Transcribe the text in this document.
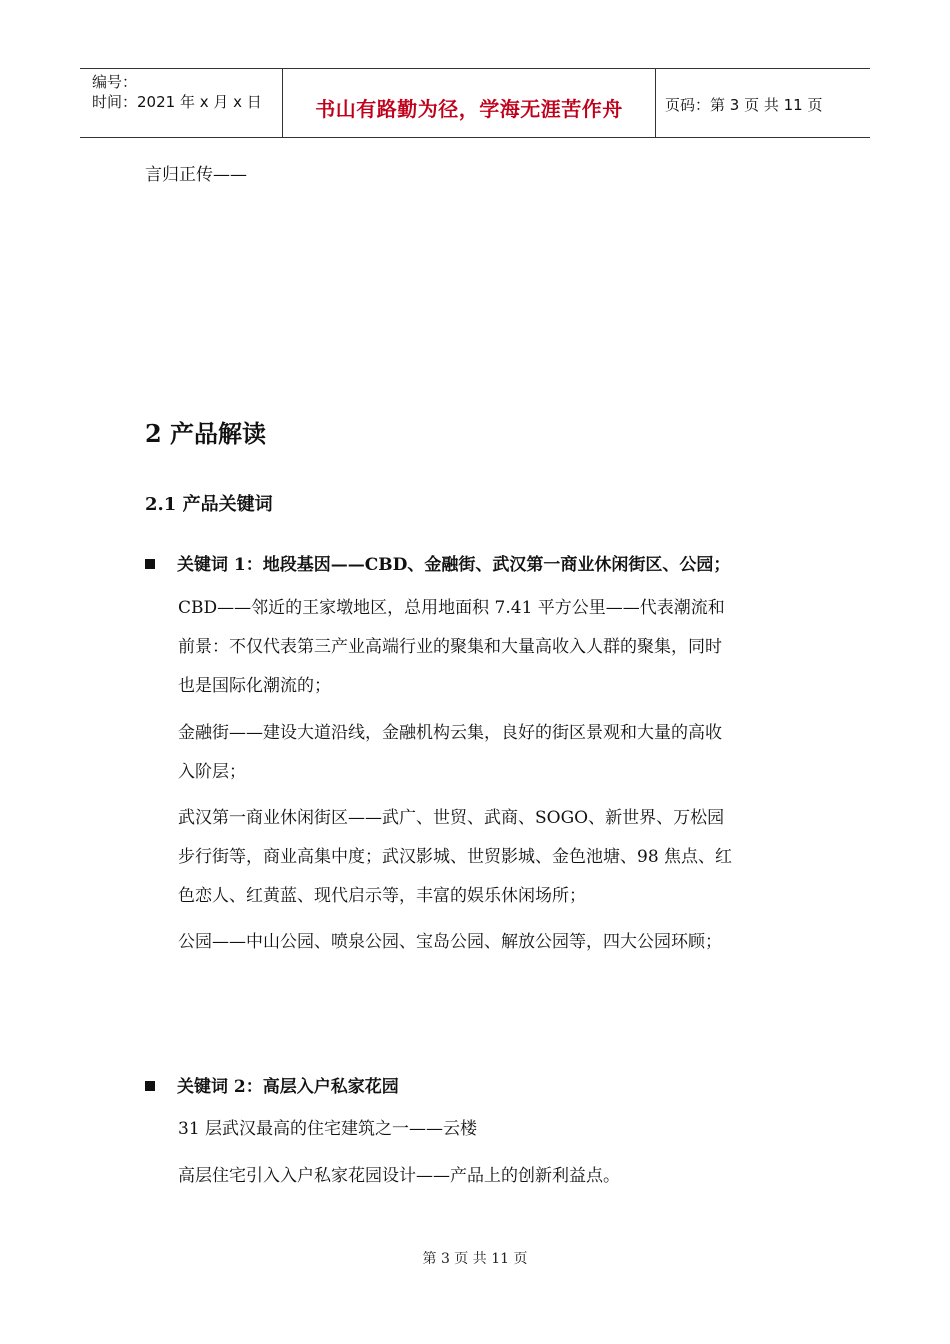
编号：
时间：2021 年 x 月 x 日	书山有路勤为径，学海无涯苦作舟	页码：第 3 页 共 11 页
言归正传——
2 产品解读
2.1 产品关键词
关键词 1：地段基因——CBD、金融街、武汉第一商业休闲街区、公园；
CBD——邻近的王家墩地区，总用地面积 7.41 平方公里——代表潮流和
前景：不仅代表第三产业高端行业的聚集和大量高收入人群的聚集，同时
也是国际化潮流的；
金融街——建设大道沿线，金融机构云集，良好的街区景观和大量的高收
入阶层；
武汉第一商业休闲街区——武广、世贸、武商、SOGO、新世界、万松园
步行街等，商业高集中度；武汉影城、世贸影城、金色池塘、98 焦点、红
色恋人、红黄蓝、现代启示等，丰富的娱乐休闲场所；
公园——中山公园、喷泉公园、宝岛公园、解放公园等，四大公园环顾；
关键词 2：高层入户私家花园
31 层武汉最高的住宅建筑之一——云楼
高层住宅引入入户私家花园设计——产品上的创新利益点。
第 3 页 共 11 页
